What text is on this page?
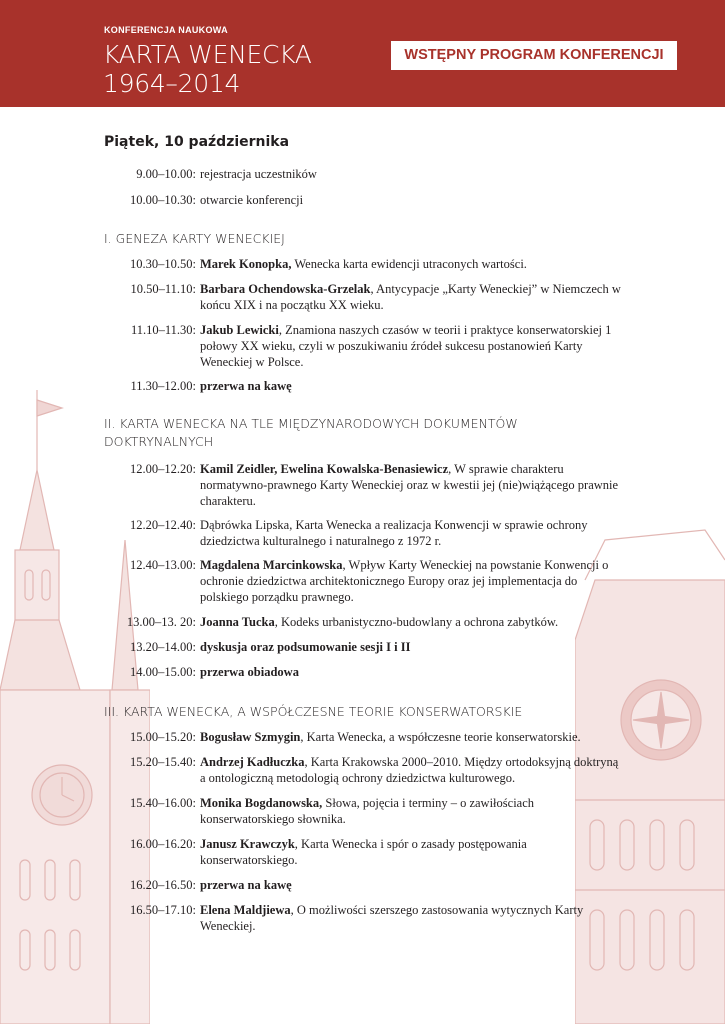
KONFERENCJA NAUKOWA
KARTA WENECKA
1964–2014
WSTĘPNY PROGRAM KONFERENCJI
Piątek, 10 października
9.00–10.00: rejestracja uczestników
10.00–10.30: otwarcie konferencji
I. GENEZA KARTY WENECKIEJ
10.30–10.50: Marek Konopka, Wenecka karta ewidencji utraconych wartości.
10.50–11.10: Barbara Ochendowska-Grzelak, Antycypacje „Karty Weneckiej” w Niemczech w końcu XIX i na początku XX wieku.
11.10–11.30: Jakub Lewicki, Znamiona naszych czasów w teorii i praktyce konserwatorskiej 1 połowy XX wieku, czyli w poszukiwaniu źródeł sukcesu postanowień Karty Weneckiej w Polsce.
11.30–12.00: przerwa na kawę
II. KARTA WENECKA NA TLE MIĘDZYNARODOWYCH DOKUMENTÓW DOKTRYNALNYCH
12.00–12.20: Kamil Zeidler, Ewelina Kowalska-Benasiewicz, W sprawie charakteru normatywno-prawnego Karty Weneckiej oraz w kwestii jej (nie)wiążącego prawnie charakteru.
12.20–12.40: Dąbrówka Lipska, Karta Wenecka a realizacja Konwencji w sprawie ochrony dziedzictwa kulturalnego i naturalnego z 1972 r.
12.40–13.00: Magdalena Marcinkowska, Wpływ Karty Weneckiej na powstanie Konwencji o ochronie dziedzictwa architektonicznego Europy oraz jej implementacja do polskiego porządku prawnego.
13.00–13. 20: Joanna Tucka, Kodeks urbanistyczno-budowlany a ochrona zabytków.
13.20–14.00: dyskusja oraz podsumowanie sesji I i II
14.00–15.00: przerwa obiadowa
III. KARTA WENECKA, A WSPÓŁCZESNE TEORIE KONSERWATORSKIE
15.00–15.20: Bogusław Szmygin, Karta Wenecka, a współczesne teorie konserwatorskie.
15.20–15.40: Andrzej Kadłuczka, Karta Krakowska 2000–2010. Między ortodoksyjną doktryną a ontologiczną metodologią ochrony dziedzictwa kulturowego.
15.40–16.00: Monika Bogdanowska, Słowa, pojęcia i terminy – o zawiłościach konserwatorskiego słownika.
16.00–16.20: Janusz Krawczyk, Karta Wenecka i spór o zasady postępowania konserwatorskiego.
16.20–16.50: przerwa na kawę
16.50–17.10: Elena Maldjiewa, O możliwości szerszego zastosowania wytycznych Karty Weneckiej.
